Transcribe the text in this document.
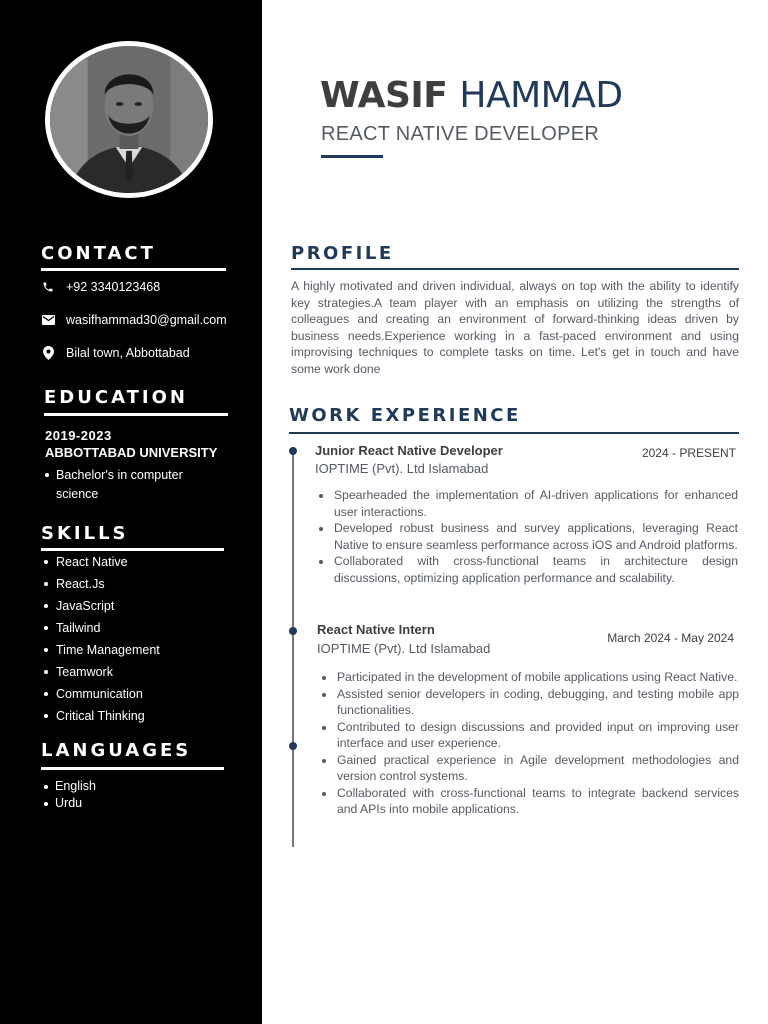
CONTACT
+92 3340123468
wasifhammad30@gmail.com
Bilal town, Abbottabad
EDUCATION
2019-2023
ABBOTTABAD UNIVERSITY
Bachelor's in computer science
SKILLS
React Native
React.Js
JavaScript
Tailwind
Time Management
Teamwork
Communication
Critical Thinking
LANGUAGES
English
Urdu
WASIF HAMMAD
REACT NATIVE DEVELOPER
PROFILE

A highly motivated and driven individual, always on top with the ability to identify key strategies.A team player with an emphasis on utilizing the strengths of colleagues and creating an environment of forward-thinking ideas driven by business needs.Experience working in a fast-paced environment and using improvising techniques to complete tasks on time. Let's get in touch and have some work done

WORK EXPERIENCE
Junior React Native Developer	2024 - PRESENT
IOPTIME (Pvt). Ltd Islamabad
Spearheaded the implementation of AI-driven applications for enhanced user interactions.
Developed robust business and survey applications, leveraging React Native to ensure seamless performance across iOS and Android platforms.
Collaborated with cross-functional teams in architecture design discussions, optimizing application performance and scalability.
React Native Intern
March 2024 - May 2024
IOPTIME (Pvt). Ltd Islamabad
Participated in the development of mobile applications using React Native.
Assisted senior developers in coding, debugging, and testing mobile app functionalities.
Contributed to design discussions and provided input on improving user interface and user experience.
Gained practical experience in Agile development methodologies and version control systems.
Collaborated with cross-functional teams to integrate backend services and APIs into mobile applications.
